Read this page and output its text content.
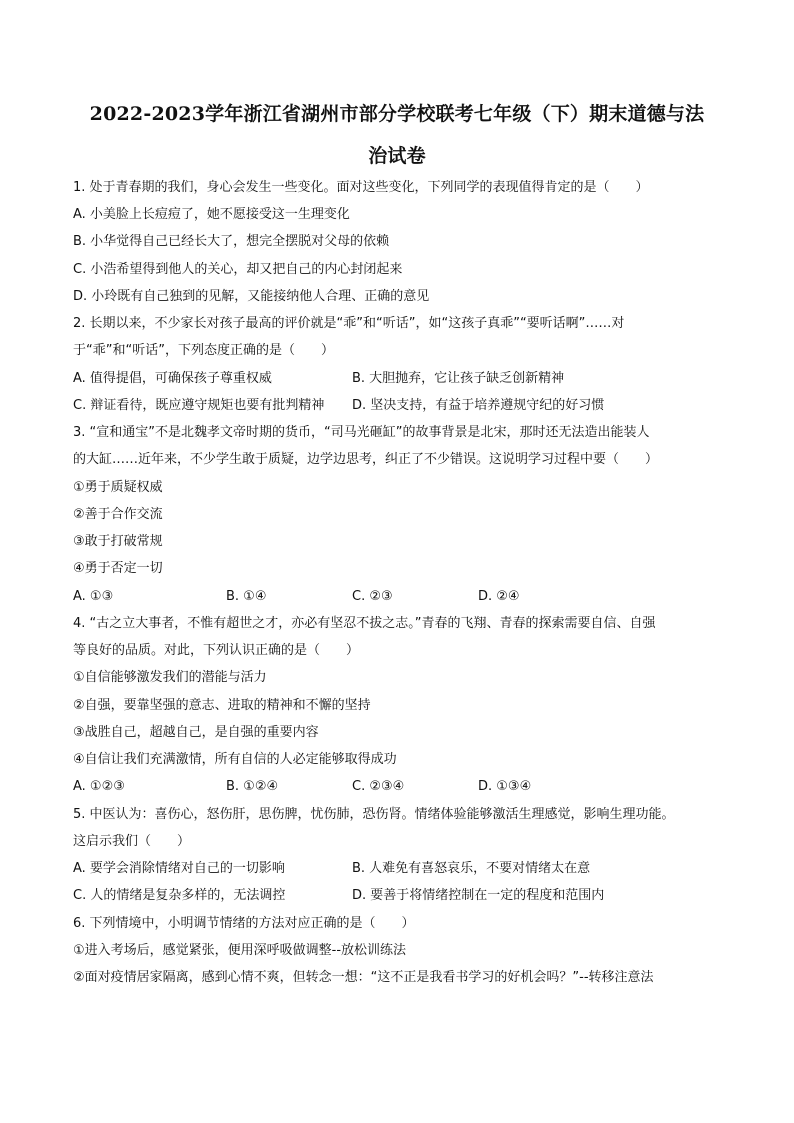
2022-2023学年浙江省湖州市部分学校联考七年级（下）期末道德与法
治试卷
1. 处于青春期的我们，身心会发生一些变化。面对这些变化，下列同学的表现值得肯定的是（　　）
A. 小美脸上长痘痘了，她不愿接受这一生理变化
B. 小华觉得自己已经长大了，想完全摆脱对父母的依赖
C. 小浩希望得到他人的关心，却又把自己的内心封闭起来
D. 小玲既有自己独到的见解，又能接纳他人合理、正确的意见
2. 长期以来，不少家长对孩子最高的评价就是“乖”和“听话”，如“这孩子真乖”“要听话啊”……对
于“乖”和“听话”，下列态度正确的是（　　）
A. 值得提倡，可确保孩子尊重权威	B. 大胆抛弃，它让孩子缺乏创新精神
C. 辩证看待，既应遵守规矩也要有批判精神 D. 坚决支持，有益于培养遵规守纪的好习惯
3. “宣和通宝”不是北魏孝文帝时期的货币，“司马光砸缸”的故事背景是北宋，那时还无法造出能装人
的大缸……近年来，不少学生敢于质疑，边学边思考，纠正了不少错误。这说明学习过程中要（　　）
①勇于质疑权威
②善于合作交流
③敢于打破常规
④勇于否定一切
A. ①③	B. ①④	C. ②③	D. ②④
4. “古之立大事者，不惟有超世之才，亦必有坚忍不拔之志。”青春的飞翔、青春的探索需要自信、自强
等良好的品质。对此，下列认识正确的是（　　）
①自信能够激发我们的潜能与活力
②自强，要靠坚强的意志、进取的精神和不懈的坚持
③战胜自己，超越自己，是自强的重要内容
④自信让我们充满激情，所有自信的人必定能够取得成功
A. ①②③	B. ①②④	C. ②③④	D. ①③④
5. 中医认为：喜伤心，怒伤肝，思伤脾，忧伤肺，恐伤肾。情绪体验能够激活生理感觉，影响生理功能。
这启示我们（　　）
A. 要学会消除情绪对自己的一切影响	B. 人难免有喜怒哀乐，不要对情绪太在意
C. 人的情绪是复杂多样的，无法调控	D. 要善于将情绪控制在一定的程度和范围内
6. 下列情境中，小明调节情绪的方法对应正确的是（　　）
①进入考场后，感觉紧张，便用深呼吸做调整--放松训练法
②面对疫情居家隔离，感到心情不爽，但转念一想：“这不正是我看书学习的好机会吗？”--转移注意法
